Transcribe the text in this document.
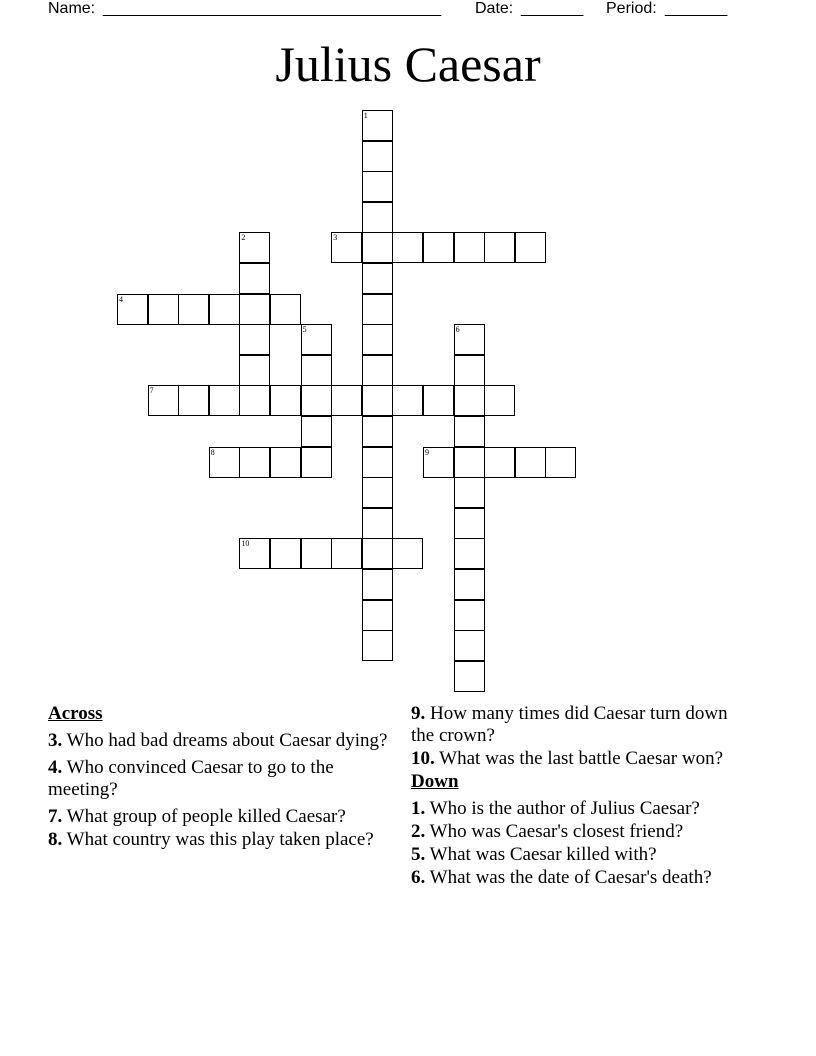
Name: ______________________________________ Date: _______ Period: _______
Julius Caesar
1
2	3
4
5	6
7
8	9
10
Across
3. Who had bad dreams about Caesar dying?
4. Who convinced Caesar to go to the meeting?
7. What group of people killed Caesar?
8. What country was this play taken place?
9. How many times did Caesar turn down the crown?
10. What was the last battle Caesar won?
Down
1. Who is the author of Julius Caesar?
2. Who was Caesar's closest friend?
5. What was Caesar killed with?
6. What was the date of Caesar's death?
